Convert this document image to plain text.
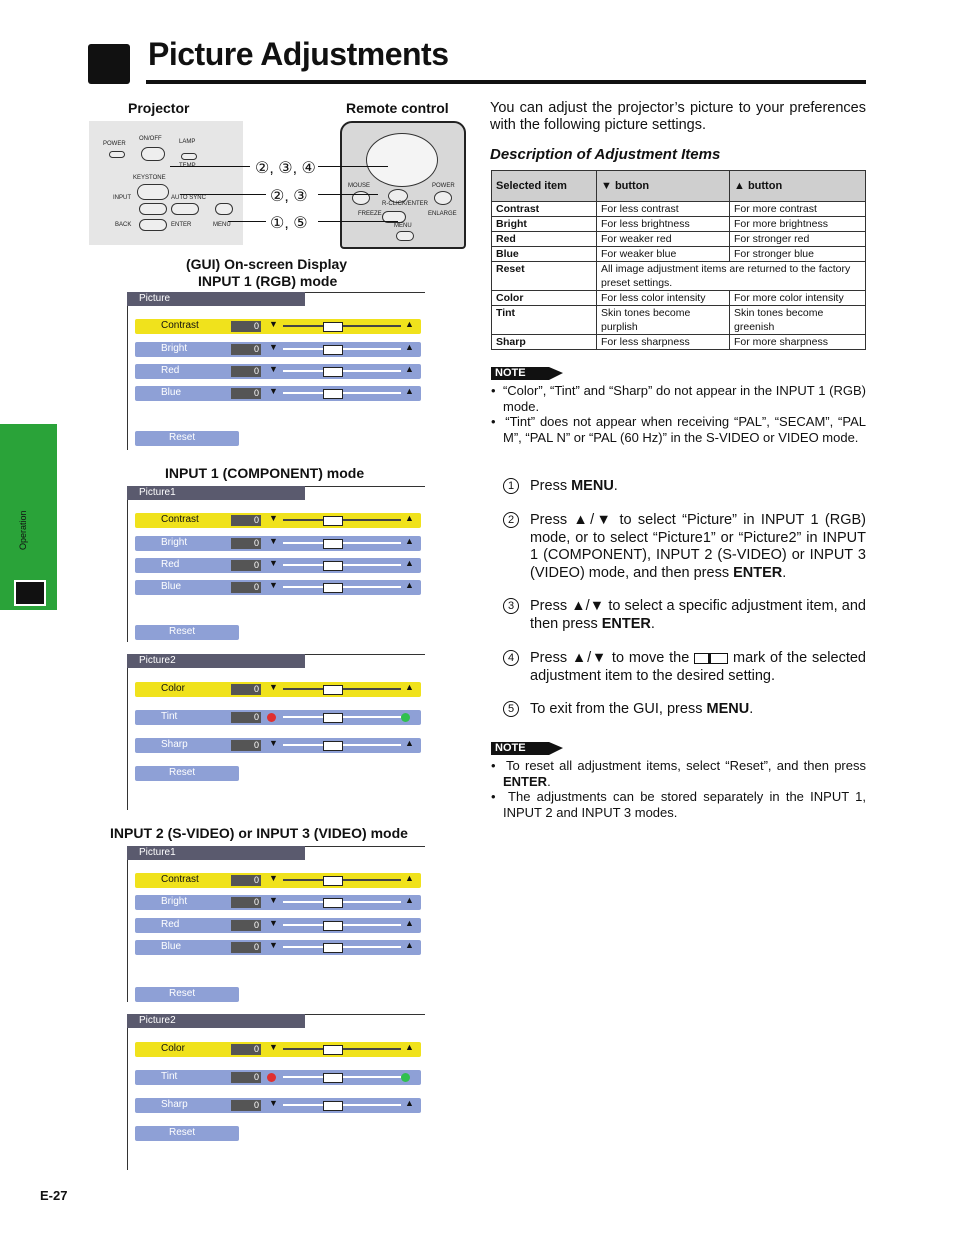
Picture Adjustments
Operation
E-27
Projector	Remote control
POWER
ON/OFF	LAMP
KEYSTONE
INPUT	AUTO SYNC
BACK	ENTER	MENU
MOUSE	POWER
R-CLICK/ENTER
FREEZE	ENLARGE
MENU
②, ③, ④
②, ③
①, ⑤
(GUI) On-screen Display
INPUT 1 (RGB) mode
Picture
Contrast	0 ▼	▲
Bright	0 ▼	▲
Red	0 ▼	▲
Blue	0 ▼	▲
Reset
INPUT 1 (COMPONENT) mode
Picture1
Contrast	0 ▼	▲
Bright	0 ▼	▲
Red	0 ▼	▲
Blue	0 ▼	▲
Reset
Picture2
Color	0 ▼	▲
Tint	0
Sharp	0 ▼	▲
Reset
INPUT 2 (S-VIDEO) or INPUT 3 (VIDEO) mode
Picture1
Contrast	0 ▼	▲
Bright	0 ▼	▲
Red	0 ▼	▲
Blue	0 ▼	▲
Reset
Picture2
Color	0 ▼	▲
Tint	0
Sharp	0 ▼	▲
Reset
You can adjust the projector’s picture to your preferences with the following picture settings.
Description of Adjustment Items
Selected item	▼ button	▲ button
Contrast	For less contrast	For more contrast
Bright	For less brightness	For more brightness
Red	For weaker red	For stronger red
Blue	For weaker blue	For stronger blue
Reset	All image adjustment items are returned to the factory preset settings.	
Color	For less color intensity	For more color intensity
Tint	Skin tones become purplish	Skin tones become greenish
Sharp	For less sharpness	For more sharpness
NOTE

•  “Color”, “Tint” and “Sharp” do not appear in the INPUT 1 (RGB) mode.

•  “Tint” does not appear when receiving “PAL”, “SECAM”, “PAL M”, “PAL N” or “PAL (60 Hz)” in the S-VIDEO or VIDEO mode.

1	Press MENU.
2	Press ▲/▼ to select “Picture” in INPUT 1 (RGB) mode, or to select “Picture1” or “Picture2” in INPUT 1 (COMPONENT), INPUT 2 (S-VIDEO) or INPUT 3 (VIDEO) mode, and then press ENTER.
3	Press ▲/▼ to select a specific adjustment item, and then press ENTER.
4	Press ▲/▼ to move the  mark of the selected adjustment item to the desired setting.
5	To exit from the GUI, press MENU.
NOTE

•  To reset all adjustment items, select “Reset”, and then press ENTER.

•  The adjustments can be stored separately in the INPUT 1, INPUT 2 and INPUT 3 modes.
